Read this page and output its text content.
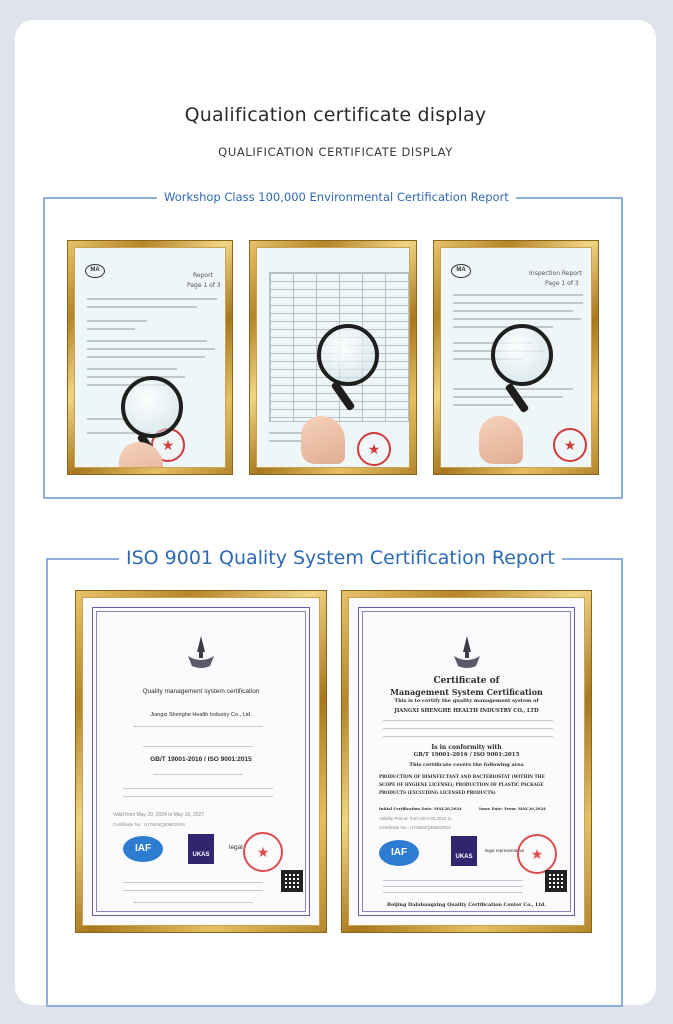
Qualification certificate display
QUALIFICATION CERTIFICATE DISPLAY
Workshop Class 100,000 Environmental Certification Report
MA
Report
Page 1 of 3
★	★
MA	Inspection Report
Page 1 of 3
★
ISO 9001 Quality System Certification Report
Quality management system certification
Jiangxi Shenghe Health Industry Co., Ltd.
GB/T 19001-2016 / ISO 9001:2015
Valid from May 20, 2024 to May 19, 2027
Certificate No.: UY0924Q30681R0S
IAF
UKAS
legal ★
Certificate of
Management System Certification
This is to certify the quality management system of
JIANGXI SHENGHE HEALTH INDUSTRY CO., LTD
Is in conformity with
GB/T 19001-2016 / ISO 9001:2015
This certificate covers the following area
PRODUCTION OF DISINFECTANT AND BACTERIOSTAT (WITHIN THE
SCOPE OF HYGIENE LICENSE); PRODUCTION OF PLASTIC PACKAGE
PRODUCTS (EXCLUDING LICENSED PRODUCTS)
Initial Certification Date: MAY.20,2024	Issue Date: From: MAY.20,2024
Validity Period: from MAY.20,2024 to
Certificate No.: UY0924Q30681R0S
IAF	UKAS
legal representative ★
Beijing Dalubangxing Quality Certification Center Co., Ltd.
